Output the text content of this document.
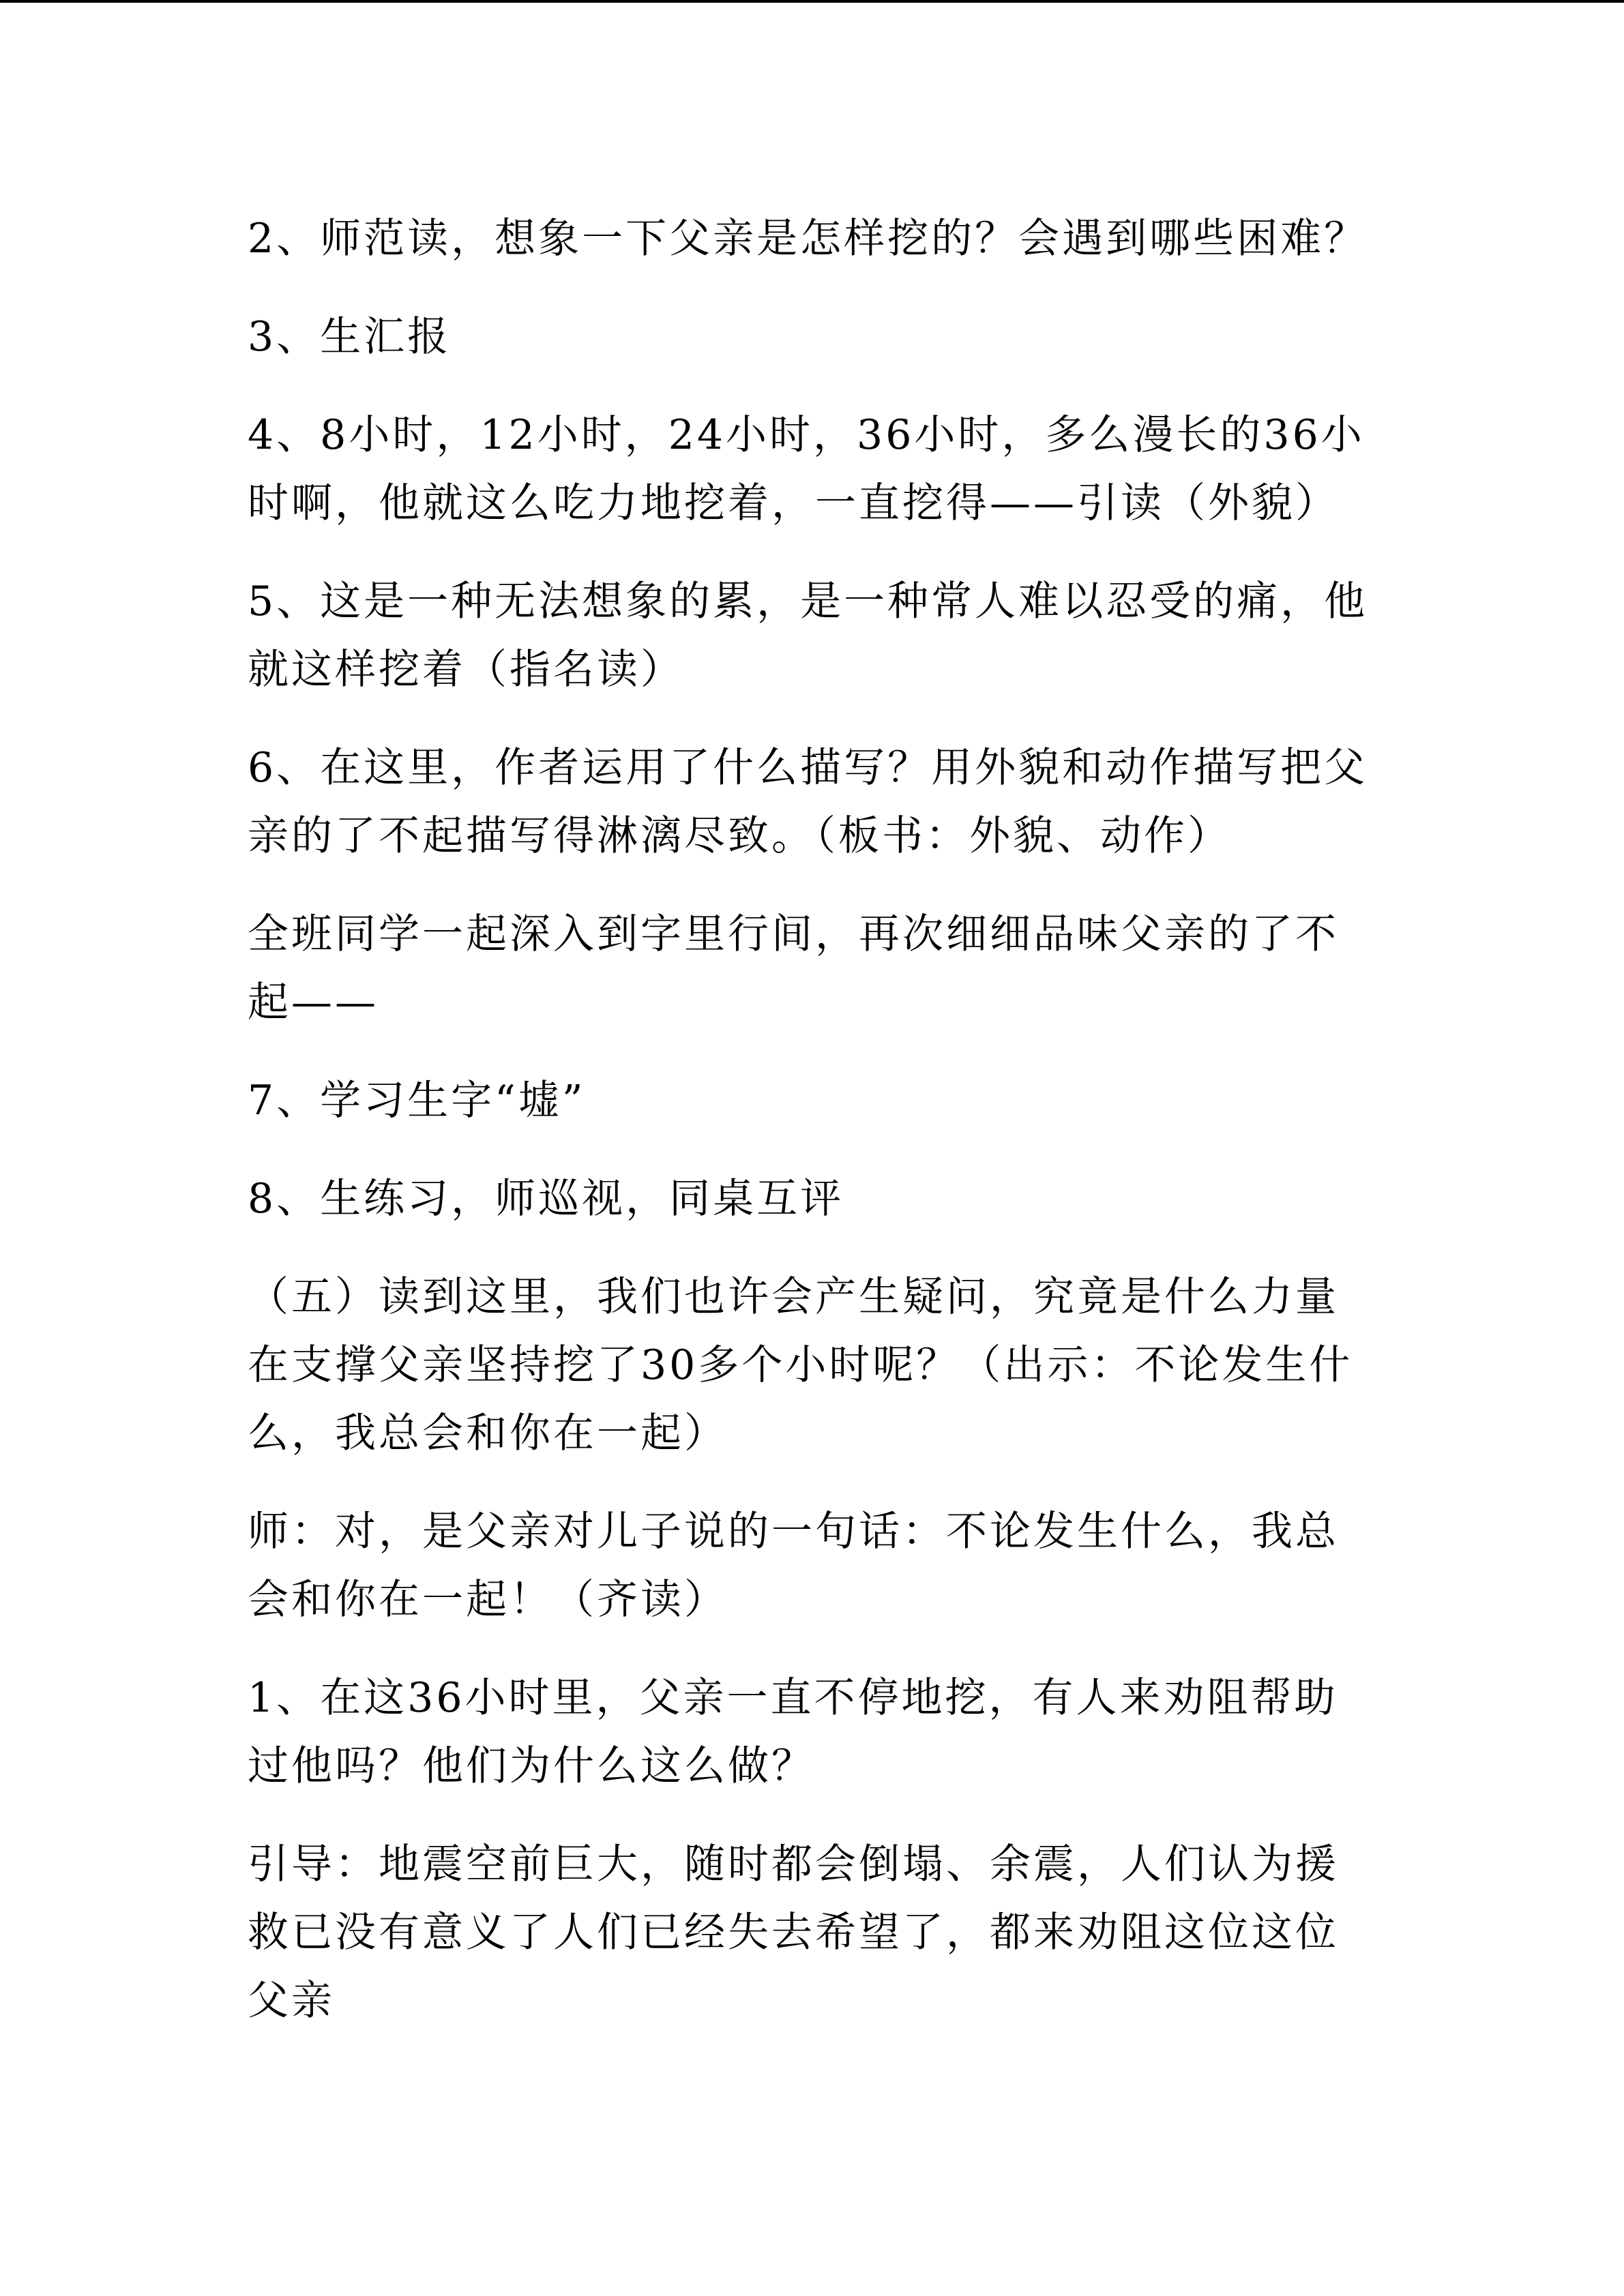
2、师范读，想象一下父亲是怎样挖的？会遇到哪些困难？

3、生汇报

4、8小时，12小时，24小时，36小时，多么漫长的36小时啊，他就这么吃力地挖着，一直挖得——引读（外貌）

5、这是一种无法想象的累，是一种常人难以忍受的痛，他就这样挖着（指名读）

6、在这里，作者运用了什么描写？用外貌和动作描写把父亲的了不起描写得淋漓尽致。（板书：外貌、动作）

全班同学一起深入到字里行间，再次细细品味父亲的了不起——

7、学习生字“墟”

8、生练习，师巡视，同桌互评

（五）读到这里，我们也许会产生疑问，究竟是什么力量在支撑父亲坚持挖了30多个小时呢？（出示：不论发生什么，我总会和你在一起）

师：对，是父亲对儿子说的一句话：不论发生什么，我总会和你在一起！（齐读）

1、在这36小时里，父亲一直不停地挖，有人来劝阻帮助过他吗？他们为什么这么做？

引导：地震空前巨大，随时都会倒塌、余震，人们认为援救已没有意义了人们已经失去希望了，都来劝阻这位这位父亲
